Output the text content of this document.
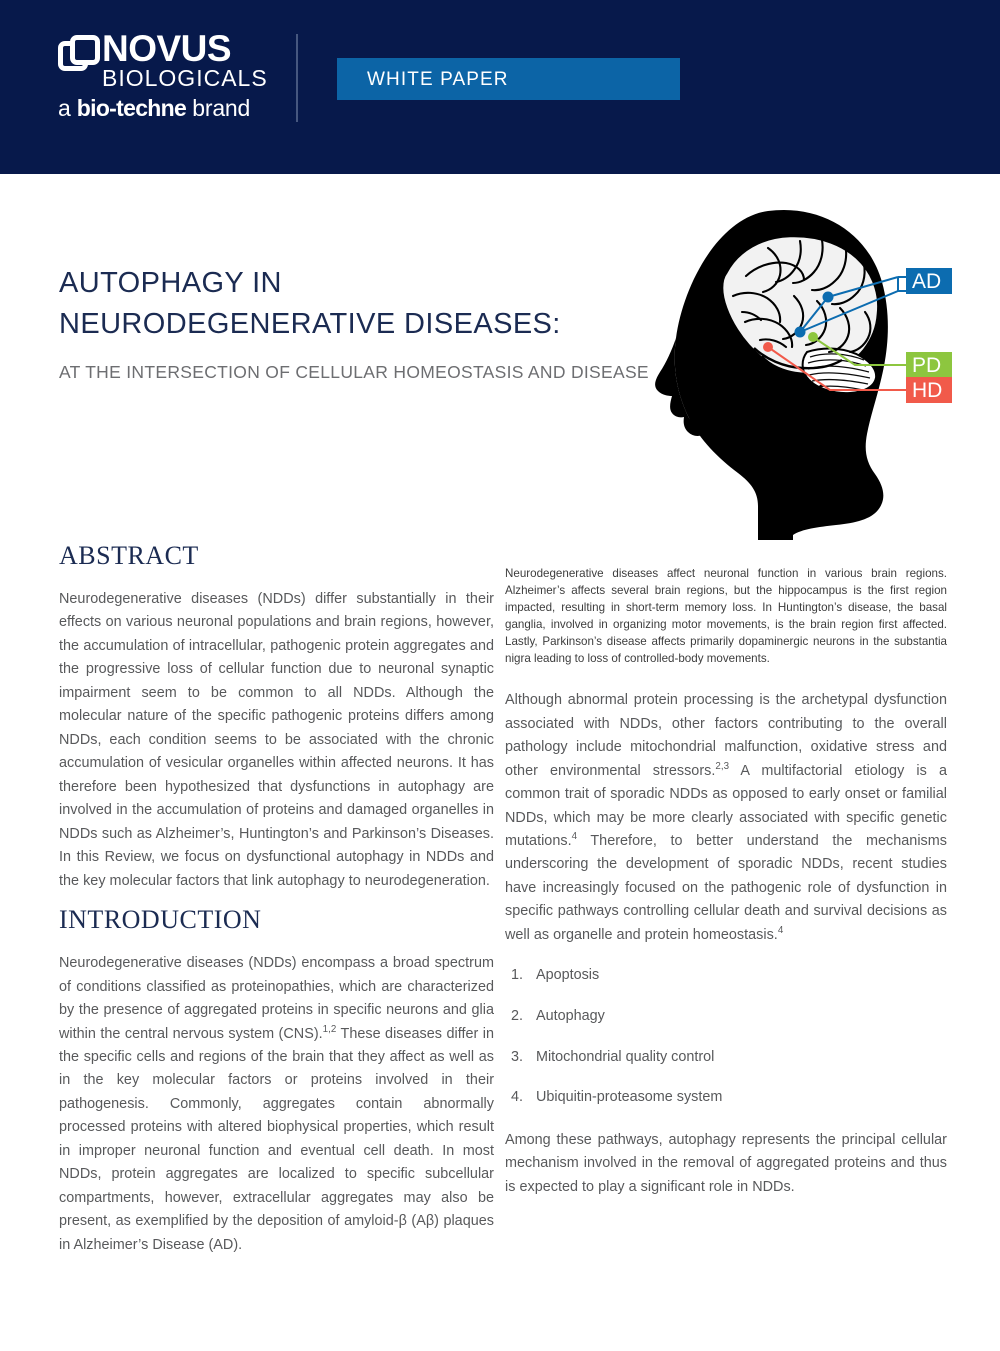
NOVUS
BIOLOGICALS
a bio-techne brand
WHITE PAPER
AUTOPHAGY IN
NEURODEGENERATIVE DISEASES:
AT THE INTERSECTION OF CELLULAR HOMEOSTASIS AND DISEASE
AD
PD
HD
ABSTRACT

Neurodegenerative diseases (NDDs) differ substantially in their effects on various neuronal populations and brain regions, however, the accumulation of intracellular, pathogenic protein aggregates and the progressive loss of cellular function due to neuronal synaptic impairment seem to be common to all NDDs. Although the molecular nature of the specific pathogenic proteins differs among NDDs, each condition seems to be associated with the chronic accumulation of vesicular organelles within affected neurons. It has therefore been hypothesized that dysfunctions in autophagy are involved in the accumulation of proteins and damaged organelles in NDDs such as Alzheimer’s, Huntington’s and Parkinson’s Diseases. In this Review, we focus on dysfunctional autophagy in NDDs and the key molecular factors that link autophagy to neurodegeneration.

INTRODUCTION

Neurodegenerative diseases (NDDs) encompass a broad spectrum of conditions classified as proteinopathies, which are characterized by the presence of aggregated proteins in specific neurons and glia within the central nervous system (CNS).$^{1,2}$ These diseases differ in the specific cells and regions of the brain that they affect as well as in the key molecular factors or proteins involved in their pathogenesis. Commonly, aggregates contain abnormally processed proteins with altered biophysical properties, which result in improper neuronal function and eventual cell death. In most NDDs, protein aggregates are localized to specific subcellular compartments, however, extracellular aggregates may also be present, as exemplified by the deposition of amyloid-β (Aβ) plaques in Alzheimer’s Disease (AD).

Neurodegenerative diseases affect neuronal function in various brain regions. Alzheimer’s affects several brain regions, but the hippocampus is the first region impacted, resulting in short-term memory loss. In Huntington’s disease, the basal ganglia, involved in organizing motor movements, is the brain region first affected. Lastly, Parkinson’s disease affects primarily dopaminergic neurons in the substantia nigra leading to loss of controlled-body movements.

Although abnormal protein processing is the archetypal dysfunction associated with NDDs, other factors contributing to the overall pathology include mitochondrial malfunction, oxidative stress and other environmental stressors.$^{2,3}$ A multifactorial etiology is a common trait of sporadic NDDs as opposed to early onset or familial NDDs, which may be more clearly associated with specific genetic mutations.$^4$ Therefore, to better understand the mechanisms underscoring the development of sporadic NDDs, recent studies have increasingly focused on the pathogenic role of dysfunction in specific pathways controlling cellular death and survival decisions as well as organelle and protein homeostasis.$^4$

1. Apoptosis
2. Autophagy
3. Mitochondrial quality control
4. Ubiquitin-proteasome system

Among these pathways, autophagy represents the principal cellular mechanism involved in the removal of aggregated proteins and thus is expected to play a significant role in NDDs.
